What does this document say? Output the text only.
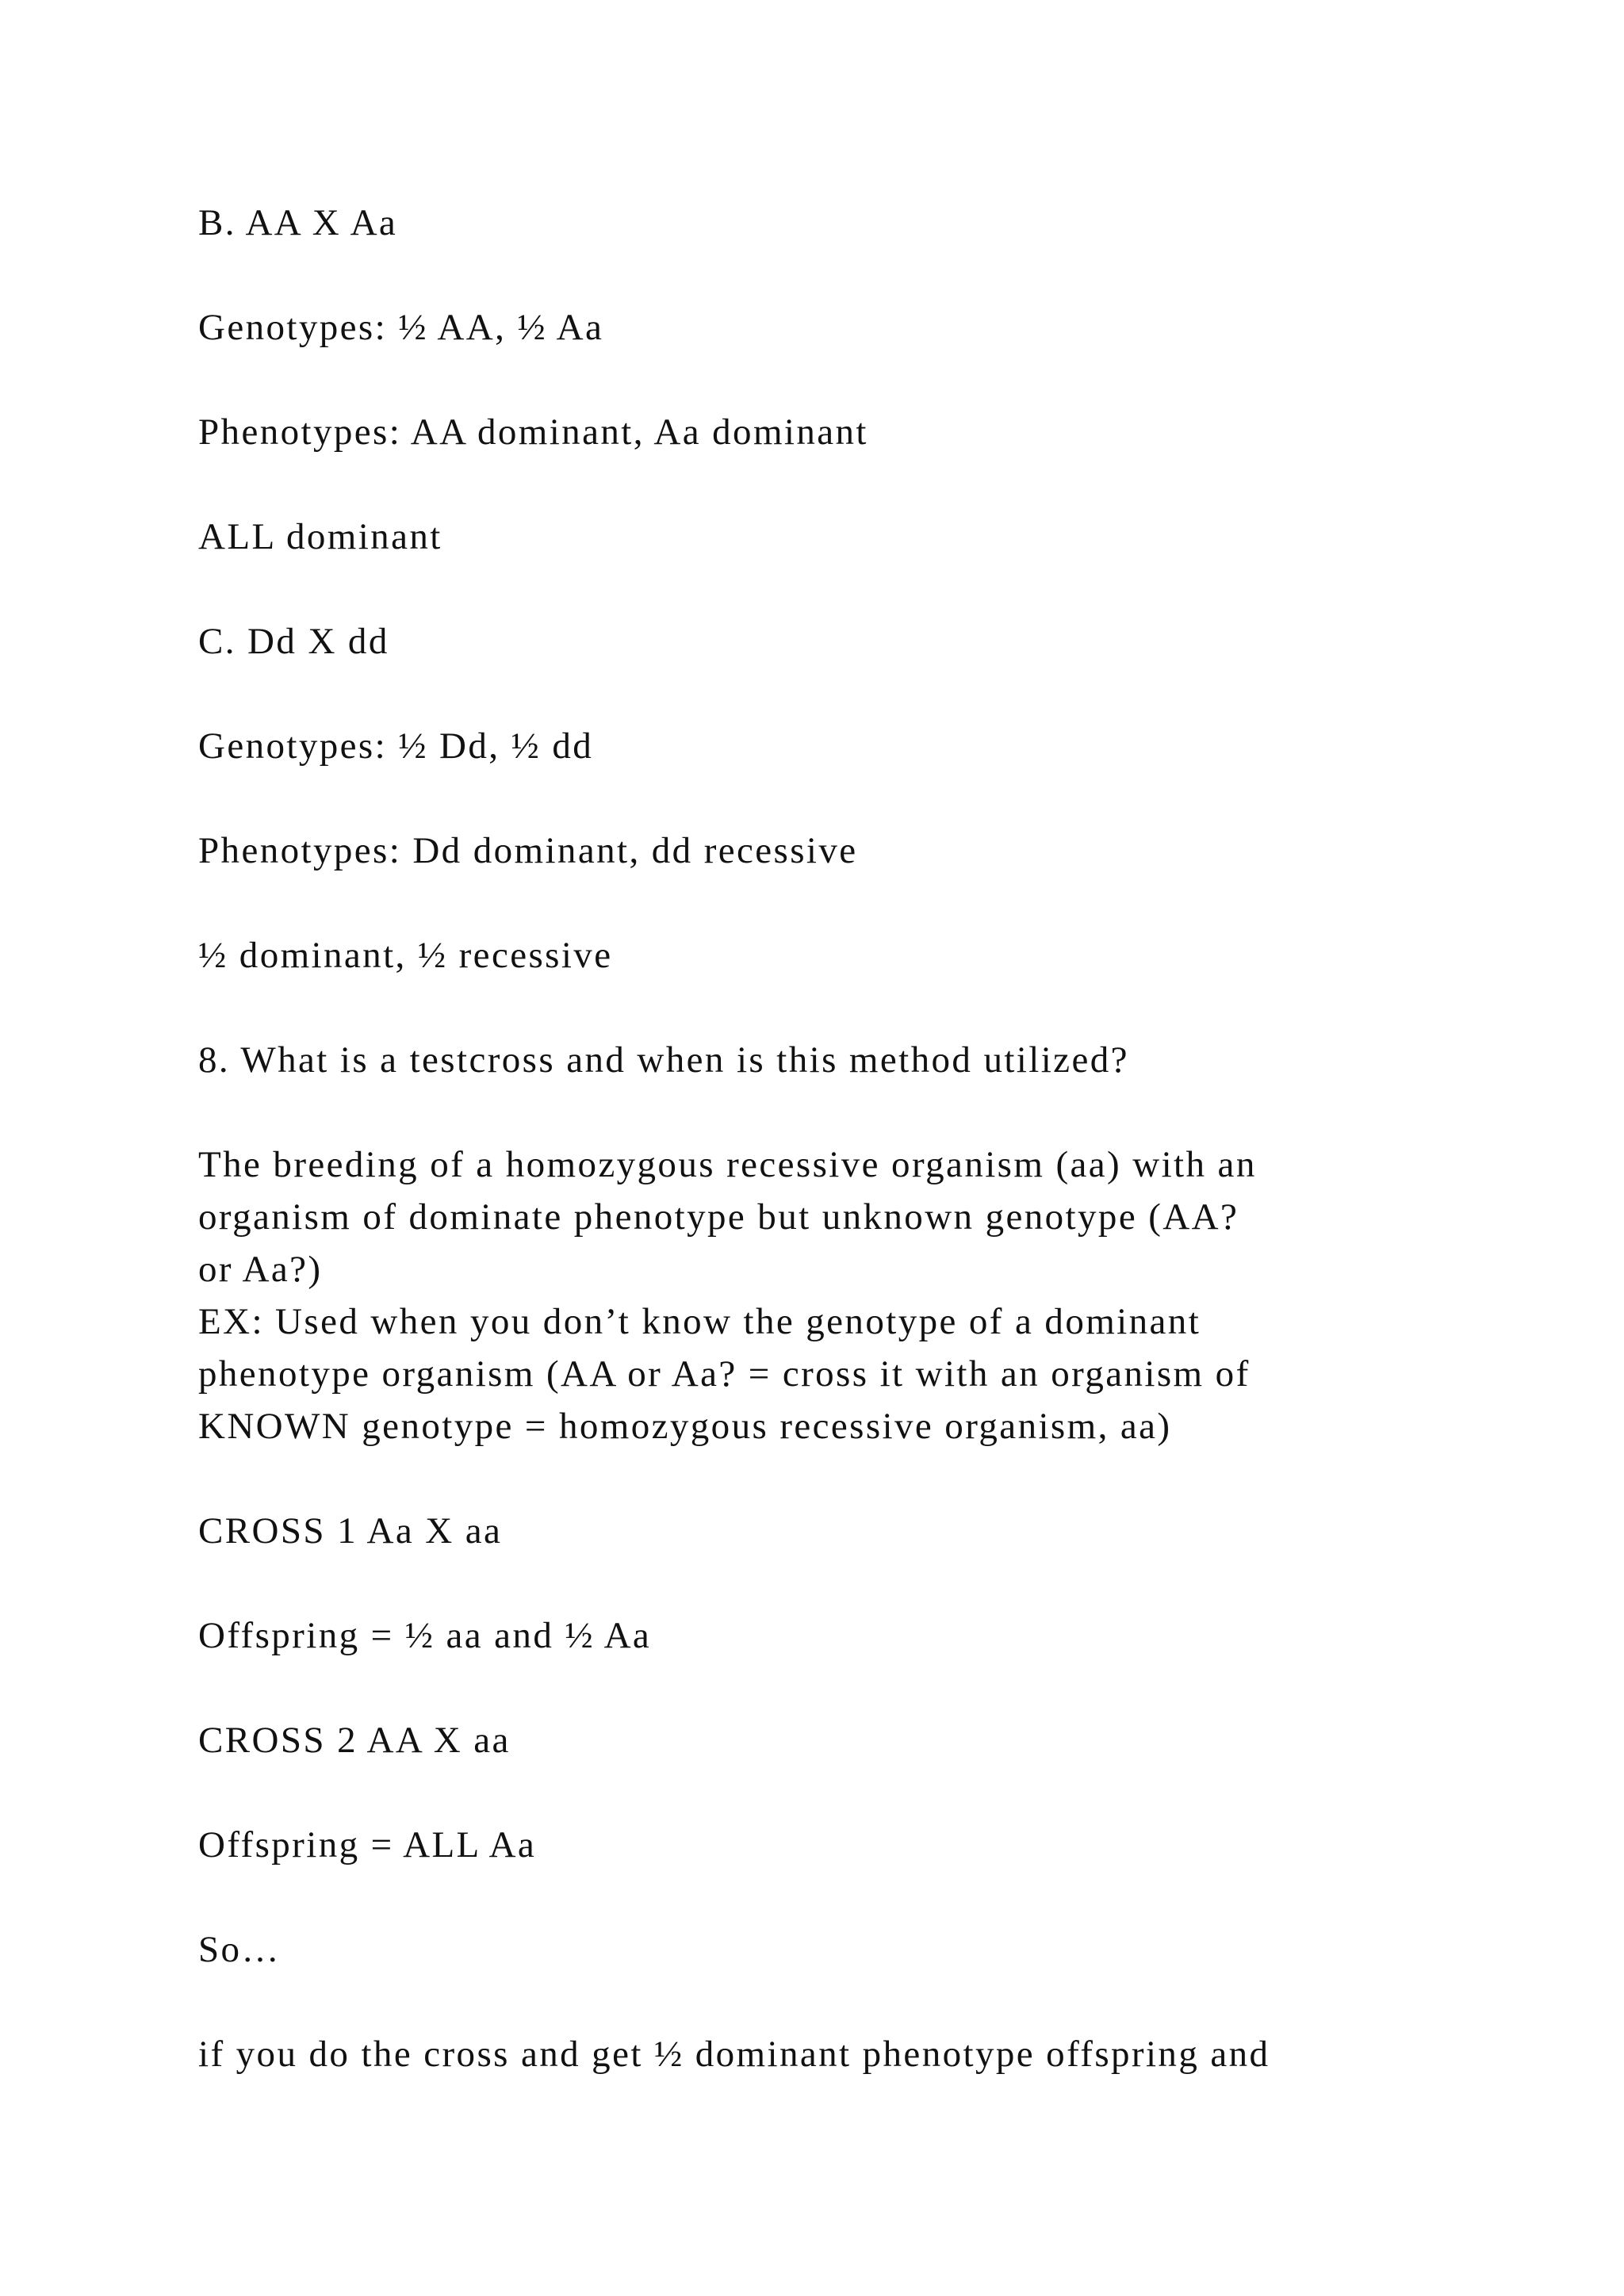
B. AA X Aa

Genotypes: ½ AA, ½ Aa

Phenotypes: AA dominant, Aa dominant

ALL dominant

C. Dd X dd

Genotypes: ½ Dd, ½ dd

Phenotypes: Dd dominant, dd recessive

½ dominant, ½ recessive

8. What is a testcross and when is this method utilized?

The breeding of a homozygous recessive organism (aa) with an

organism of dominate phenotype but unknown genotype (AA?

or Aa?)

EX: Used when you don’t know the genotype of a dominant

phenotype organism (AA or Aa? = cross it with an organism of

KNOWN genotype = homozygous recessive organism, aa)

CROSS 1 Aa X aa

Offspring = ½ aa and ½ Aa

CROSS 2 AA X aa

Offspring = ALL Aa

So…

if you do the cross and get ½ dominant phenotype offspring and
